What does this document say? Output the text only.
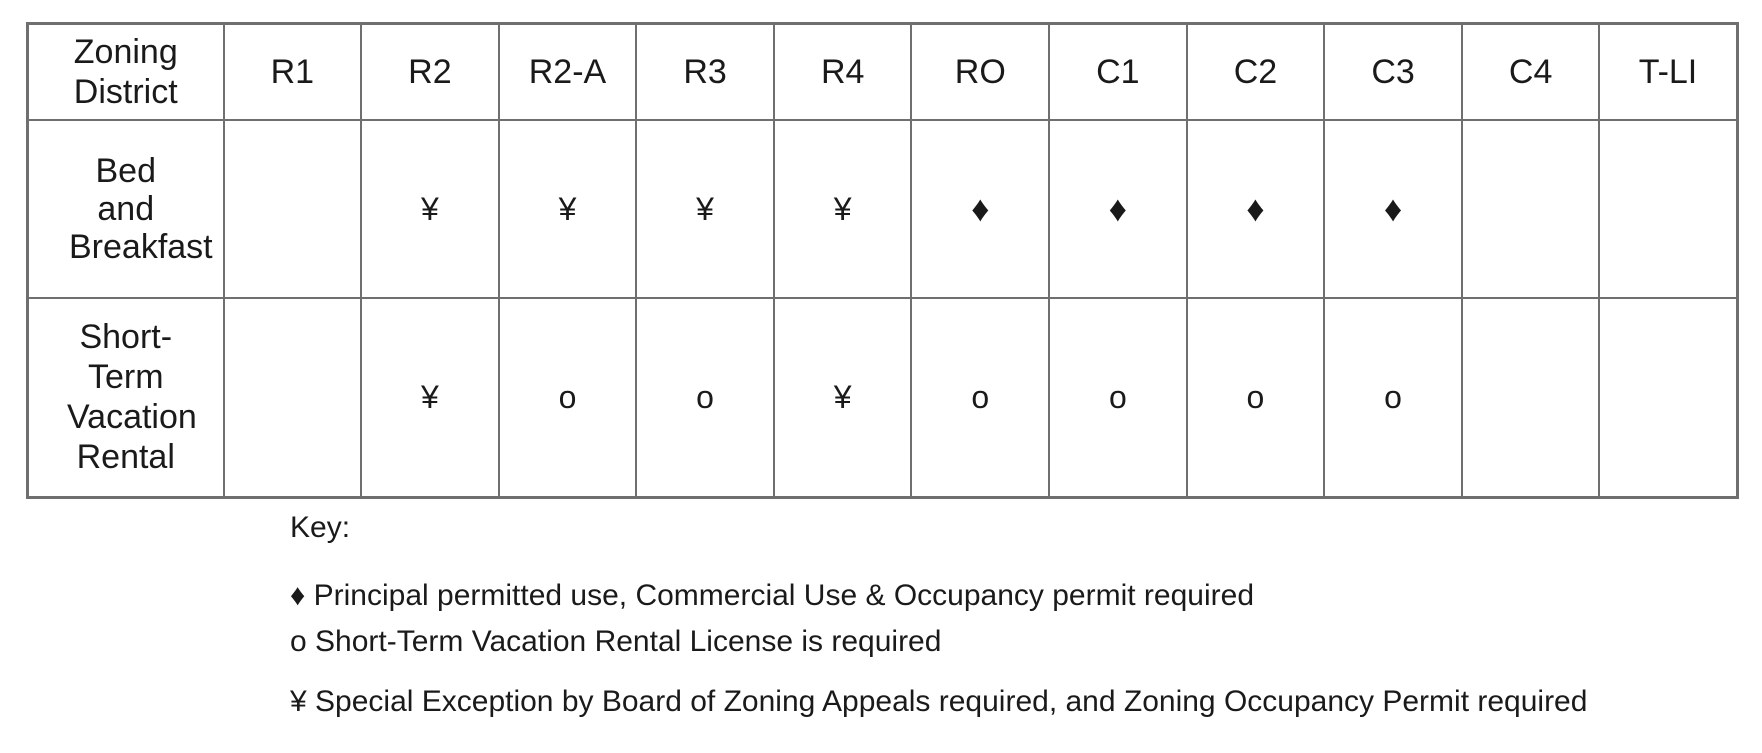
Zoning District	R1	R2	R2-A	R3	R4	RO	C1	C2	C3	C4	T-LI
Bed and Breakfast		¥	¥	¥	¥	♦	♦	♦	♦		
Short-Term Vacation Rental		¥	o	o	¥	o	o	o	o		
Key:
♦ Principal permitted use, Commercial Use & Occupancy permit required
o Short-Term Vacation Rental License is required
¥ Special Exception by Board of Zoning Appeals required, and Zoning Occupancy Permit required
